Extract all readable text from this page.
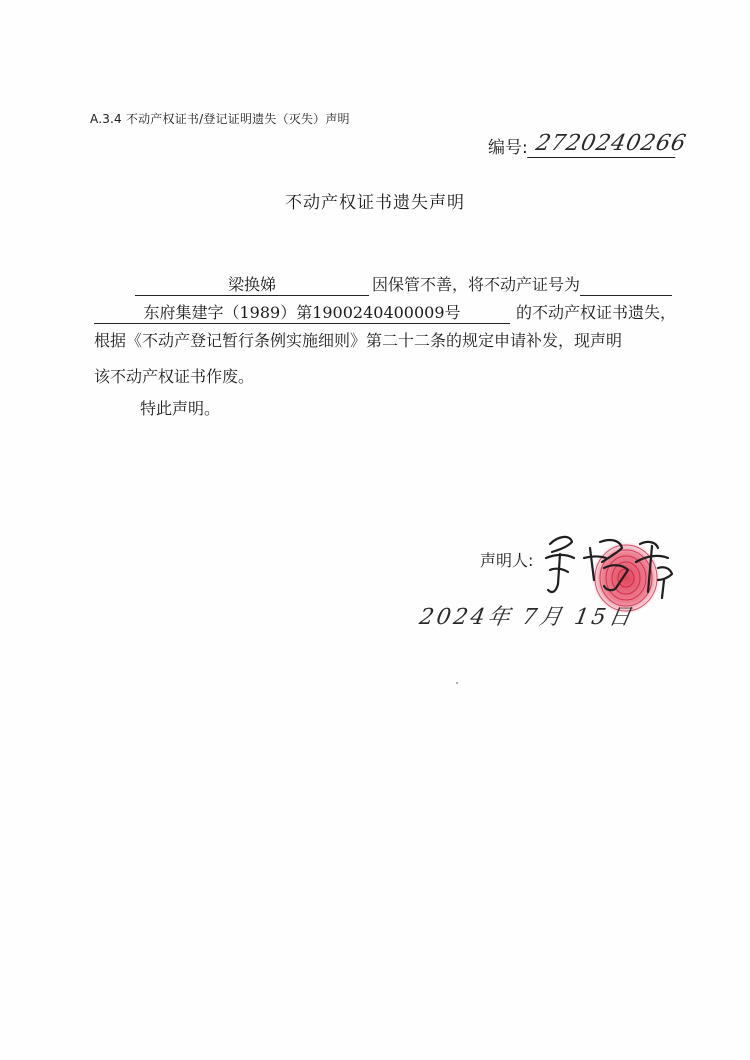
A.3.4 不动产权证书/登记证明遗失（灭失）声明
编号: 2720240266
不动产权证书遗失声明
梁换娣	因保管不善，将不动产证号为
东府集建字（1989）第1900240400009号	的不动产权证书遗失，
根据《不动产登记暂行条例实施细则》第二十二条的规定申请补发，现声明
该不动产权证书作废。
特此声明。
声明人:
2024年 7月 15日
